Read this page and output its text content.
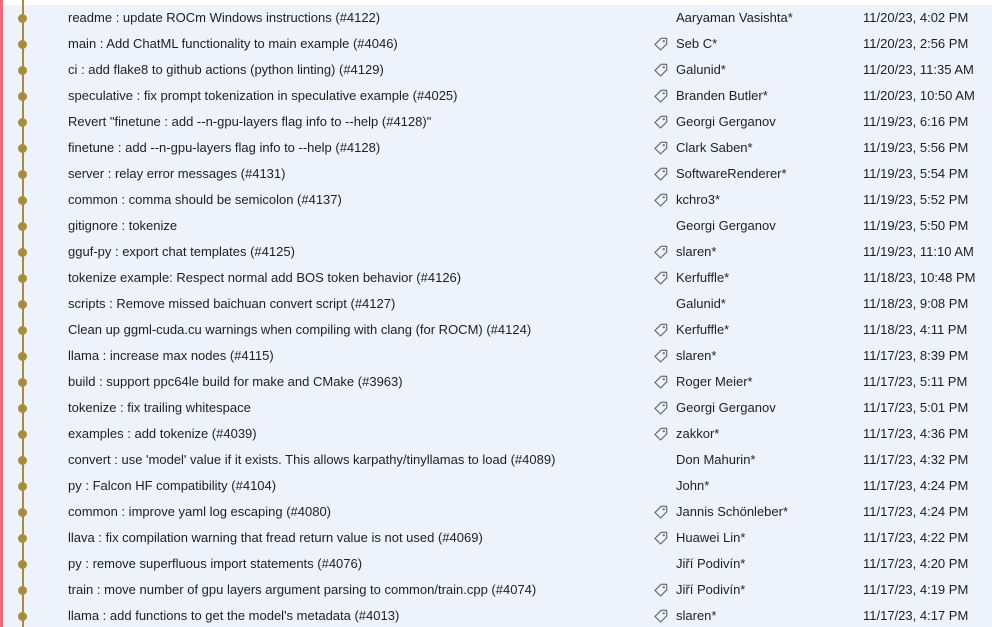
readme : update ROCm Windows instructions (#4122)	Aaryaman Vasishta*	11/20/23, 4:02 PM
main : Add ChatML functionality to main example (#4046)	Seb C*	11/20/23, 2:56 PM
ci : add flake8 to github actions (python linting) (#4129)	Galunid*	11/20/23, 11:35 AM
speculative : fix prompt tokenization in speculative example (#4025)	Branden Butler*	11/20/23, 10:50 AM
Revert "finetune : add --n-gpu-layers flag info to --help (#4128)"	Georgi Gerganov	11/19/23, 6:16 PM
finetune : add --n-gpu-layers flag info to --help (#4128)	Clark Saben*	11/19/23, 5:56 PM
server : relay error messages (#4131)	SoftwareRenderer*	11/19/23, 5:54 PM
common : comma should be semicolon (#4137)	kchro3*	11/19/23, 5:52 PM
gitignore : tokenize	Georgi Gerganov	11/19/23, 5:50 PM
gguf-py : export chat templates (#4125)	slaren*	11/19/23, 11:10 AM
tokenize example: Respect normal add BOS token behavior (#4126)	Kerfuffle*	11/18/23, 10:48 PM
scripts : Remove missed baichuan convert script (#4127)	Galunid*	11/18/23, 9:08 PM
Clean up ggml-cuda.cu warnings when compiling with clang (for ROCM) (#4124)	Kerfuffle*	11/18/23, 4:11 PM
llama : increase max nodes (#4115)	slaren*	11/17/23, 8:39 PM
build : support ppc64le build for make and CMake (#3963)	Roger Meier*	11/17/23, 5:11 PM
tokenize : fix trailing whitespace	Georgi Gerganov	11/17/23, 5:01 PM
examples : add tokenize (#4039)	zakkor*	11/17/23, 4:36 PM
convert : use 'model' value if it exists. This allows karpathy/tinyllamas to load (#4089)	Don Mahurin*	11/17/23, 4:32 PM
py : Falcon HF compatibility (#4104)	John*	11/17/23, 4:24 PM
common : improve yaml log escaping (#4080)	Jannis Schönleber*	11/17/23, 4:24 PM
llava : fix compilation warning that fread return value is not used (#4069)	Huawei Lin*	11/17/23, 4:22 PM
py : remove superfluous import statements (#4076)	Jiří Podivín*	11/17/23, 4:20 PM
train : move number of gpu layers argument parsing to common/train.cpp (#4074)	Jiří Podivín*	11/17/23, 4:19 PM
llama : add functions to get the model's metadata (#4013)	slaren*	11/17/23, 4:17 PM
